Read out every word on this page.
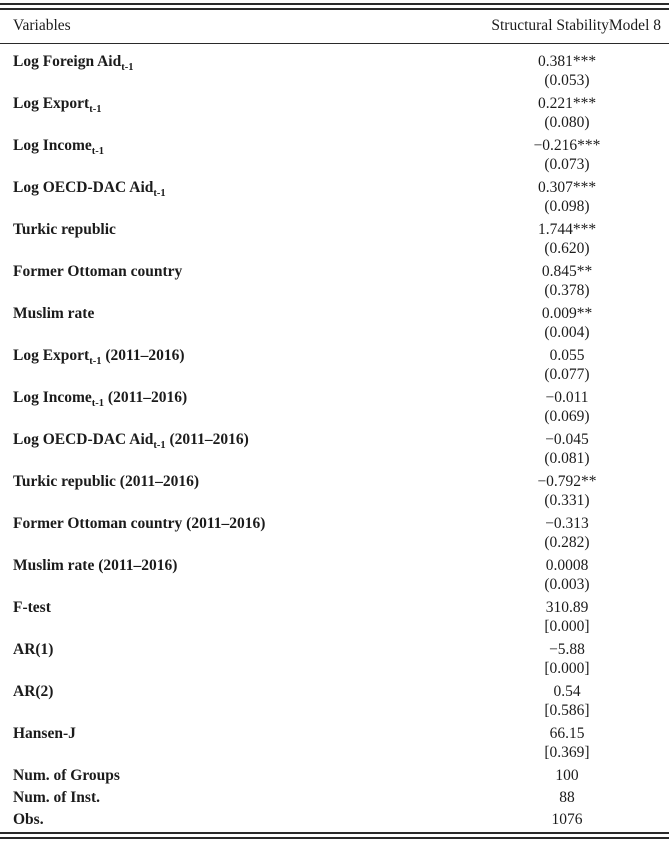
Variables	Structural StabilityModel 8
Log Foreign Aid$_{t-1}$	0.381***
(0.053)
Log Export$_{t-1}$	0.221***
(0.080)
Log Income$_{t-1}$	−0.216***
(0.073)
Log OECD-DAC Aid$_{t-1}$	0.307***
(0.098)
Turkic republic	1.744***
(0.620)
Former Ottoman country	0.845**
(0.378)
Muslim rate	0.009**
(0.004)
Log Export$_{t-1}$ (2011–2016)	0.055
(0.077)
Log Income$_{t-1}$ (2011–2016)	−0.011
(0.069)
Log OECD-DAC Aid$_{t-1}$ (2011–2016)	−0.045
(0.081)
Turkic republic (2011–2016)	−0.792**
(0.331)
Former Ottoman country (2011–2016)	−0.313
(0.282)
Muslim rate (2011–2016)	0.0008
(0.003)
F-test	310.89
[0.000]
AR(1)	−5.88
[0.000]
AR(2)	0.54
[0.586]
Hansen-J	66.15
[0.369]
Num. of Groups	100
Num. of Inst.	88
Obs.	1076
